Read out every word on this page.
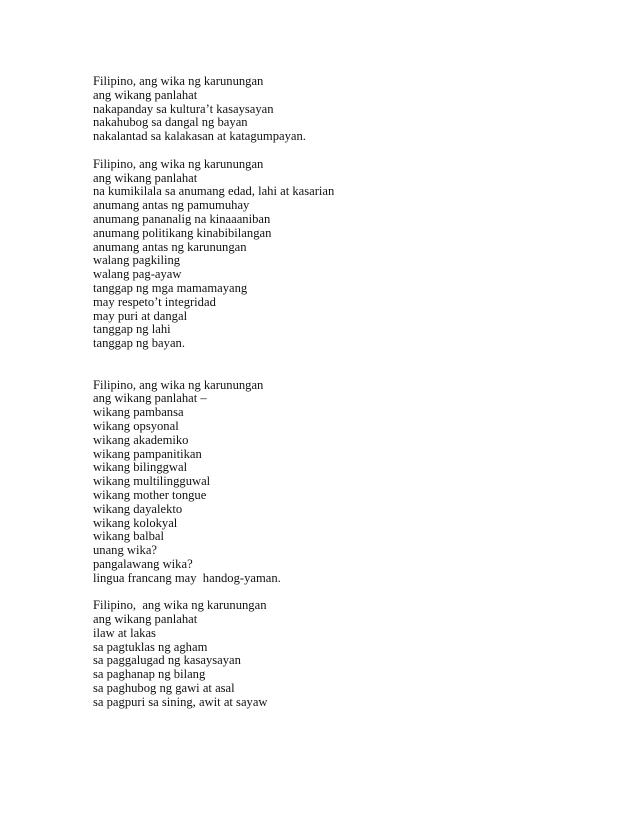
Filipino, ang wika ng karunungan
ang wikang panlahat
nakapanday sa kultura’t kasaysayan
nakahubog sa dangal ng bayan
nakalantad sa kalakasan at katagumpayan.
Filipino, ang wika ng karunungan
ang wikang panlahat
na kumikilala sa anumang edad, lahi at kasarian
anumang antas ng pamumuhay
anumang pananalig na kinaaaniban
anumang politikang kinabibilangan
anumang antas ng karunungan
walang pagkiling
walang pag-ayaw
tanggap ng mga mamamayang
may respeto’t integridad
may puri at dangal
tanggap ng lahi
tanggap ng bayan.
Filipino, ang wika ng karunungan
ang wikang panlahat –
wikang pambansa
wikang opsyonal
wikang akademiko
wikang pampanitikan
wikang bilinggwal
wikang multilingguwal
wikang mother tongue
wikang dayalekto
wikang kolokyal
wikang balbal
unang wika?
pangalawang wika?
lingua francang may  handog-yaman.
Filipino,  ang wika ng karunungan
ang wikang panlahat
ilaw at lakas
sa pagtuklas ng agham
sa paggalugad ng kasaysayan
sa paghanap ng bilang
sa paghubog ng gawi at asal
sa pagpuri sa sining, awit at sayaw
